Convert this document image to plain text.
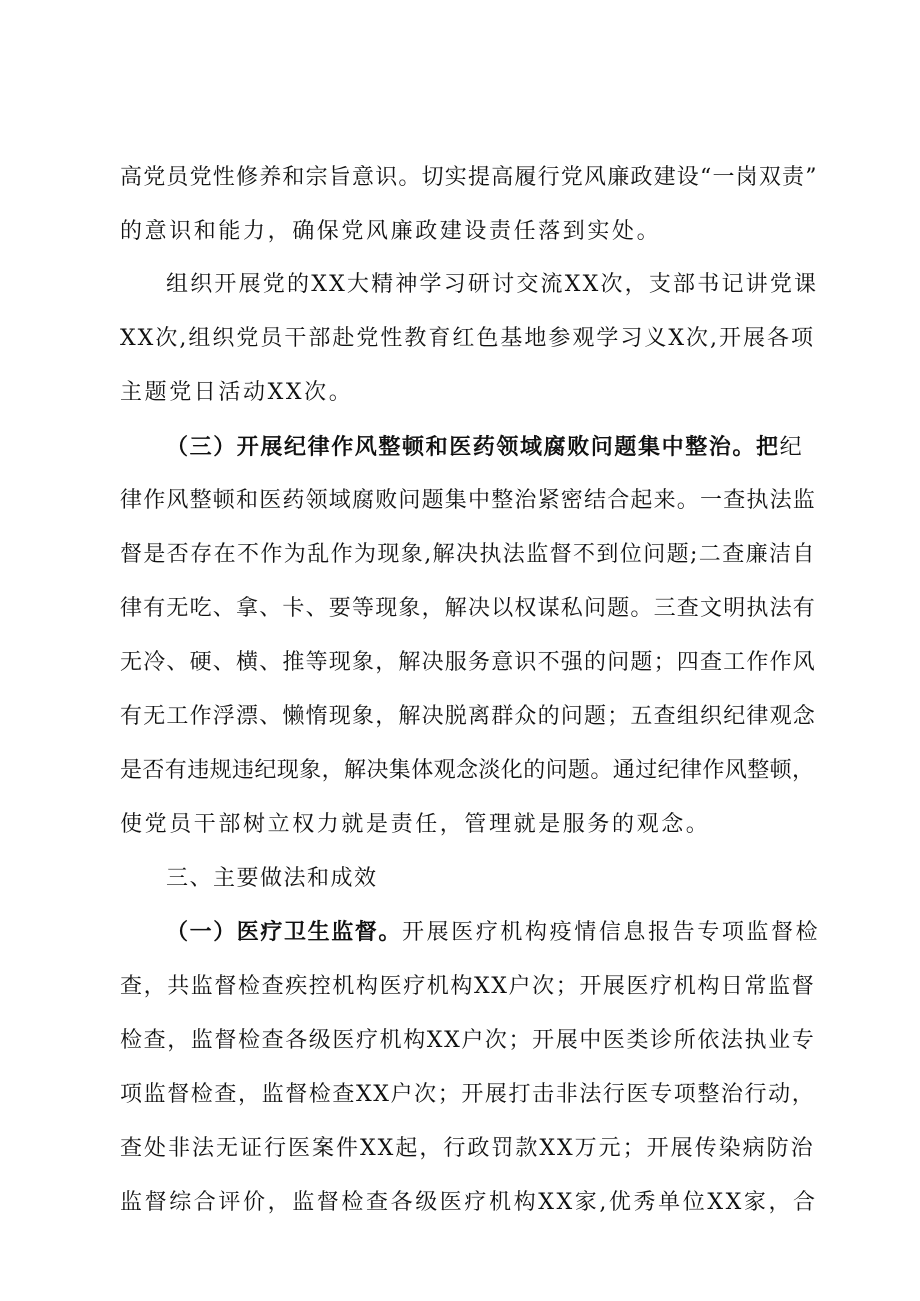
高党员党性修养和宗旨意识。切实提高履行党风廉政建设“一岗双责”
的意识和能力，确保党风廉政建设责任落到实处。
组织开展党的XX大精神学习研讨交流XX次，支部书记讲党课
XX次,组织党员干部赴党性教育红色基地参观学习义X次,开展各项
主题党日活动XX次。
（三）开展纪律作风整顿和医药领域腐败问题集中整治。把纪
律作风整顿和医药领域腐败问题集中整治紧密结合起来。一查执法监
督是否存在不作为乱作为现象,解决执法监督不到位问题;二查廉洁自
律有无吃、拿、卡、要等现象，解决以权谋私问题。三查文明执法有
无冷、硬、横、推等现象，解决服务意识不强的问题；四查工作作风
有无工作浮漂、懒惰现象，解决脱离群众的问题；五查组织纪律观念
是否有违规违纪现象，解决集体观念淡化的问题。通过纪律作风整顿，
使党员干部树立权力就是责任，管理就是服务的观念。
三、主要做法和成效
（一）医疗卫生监督。开展医疗机构疫情信息报告专项监督检
查，共监督检查疾控机构医疗机构XX户次；开展医疗机构日常监督
检查，监督检查各级医疗机构XX户次；开展中医类诊所依法执业专
项监督检查，监督检查XX户次；开展打击非法行医专项整治行动，
查处非法无证行医案件XX起，行政罚款XX万元；开展传染病防治
监督综合评价，监督检查各级医疗机构XX家,优秀单位XX家，合
